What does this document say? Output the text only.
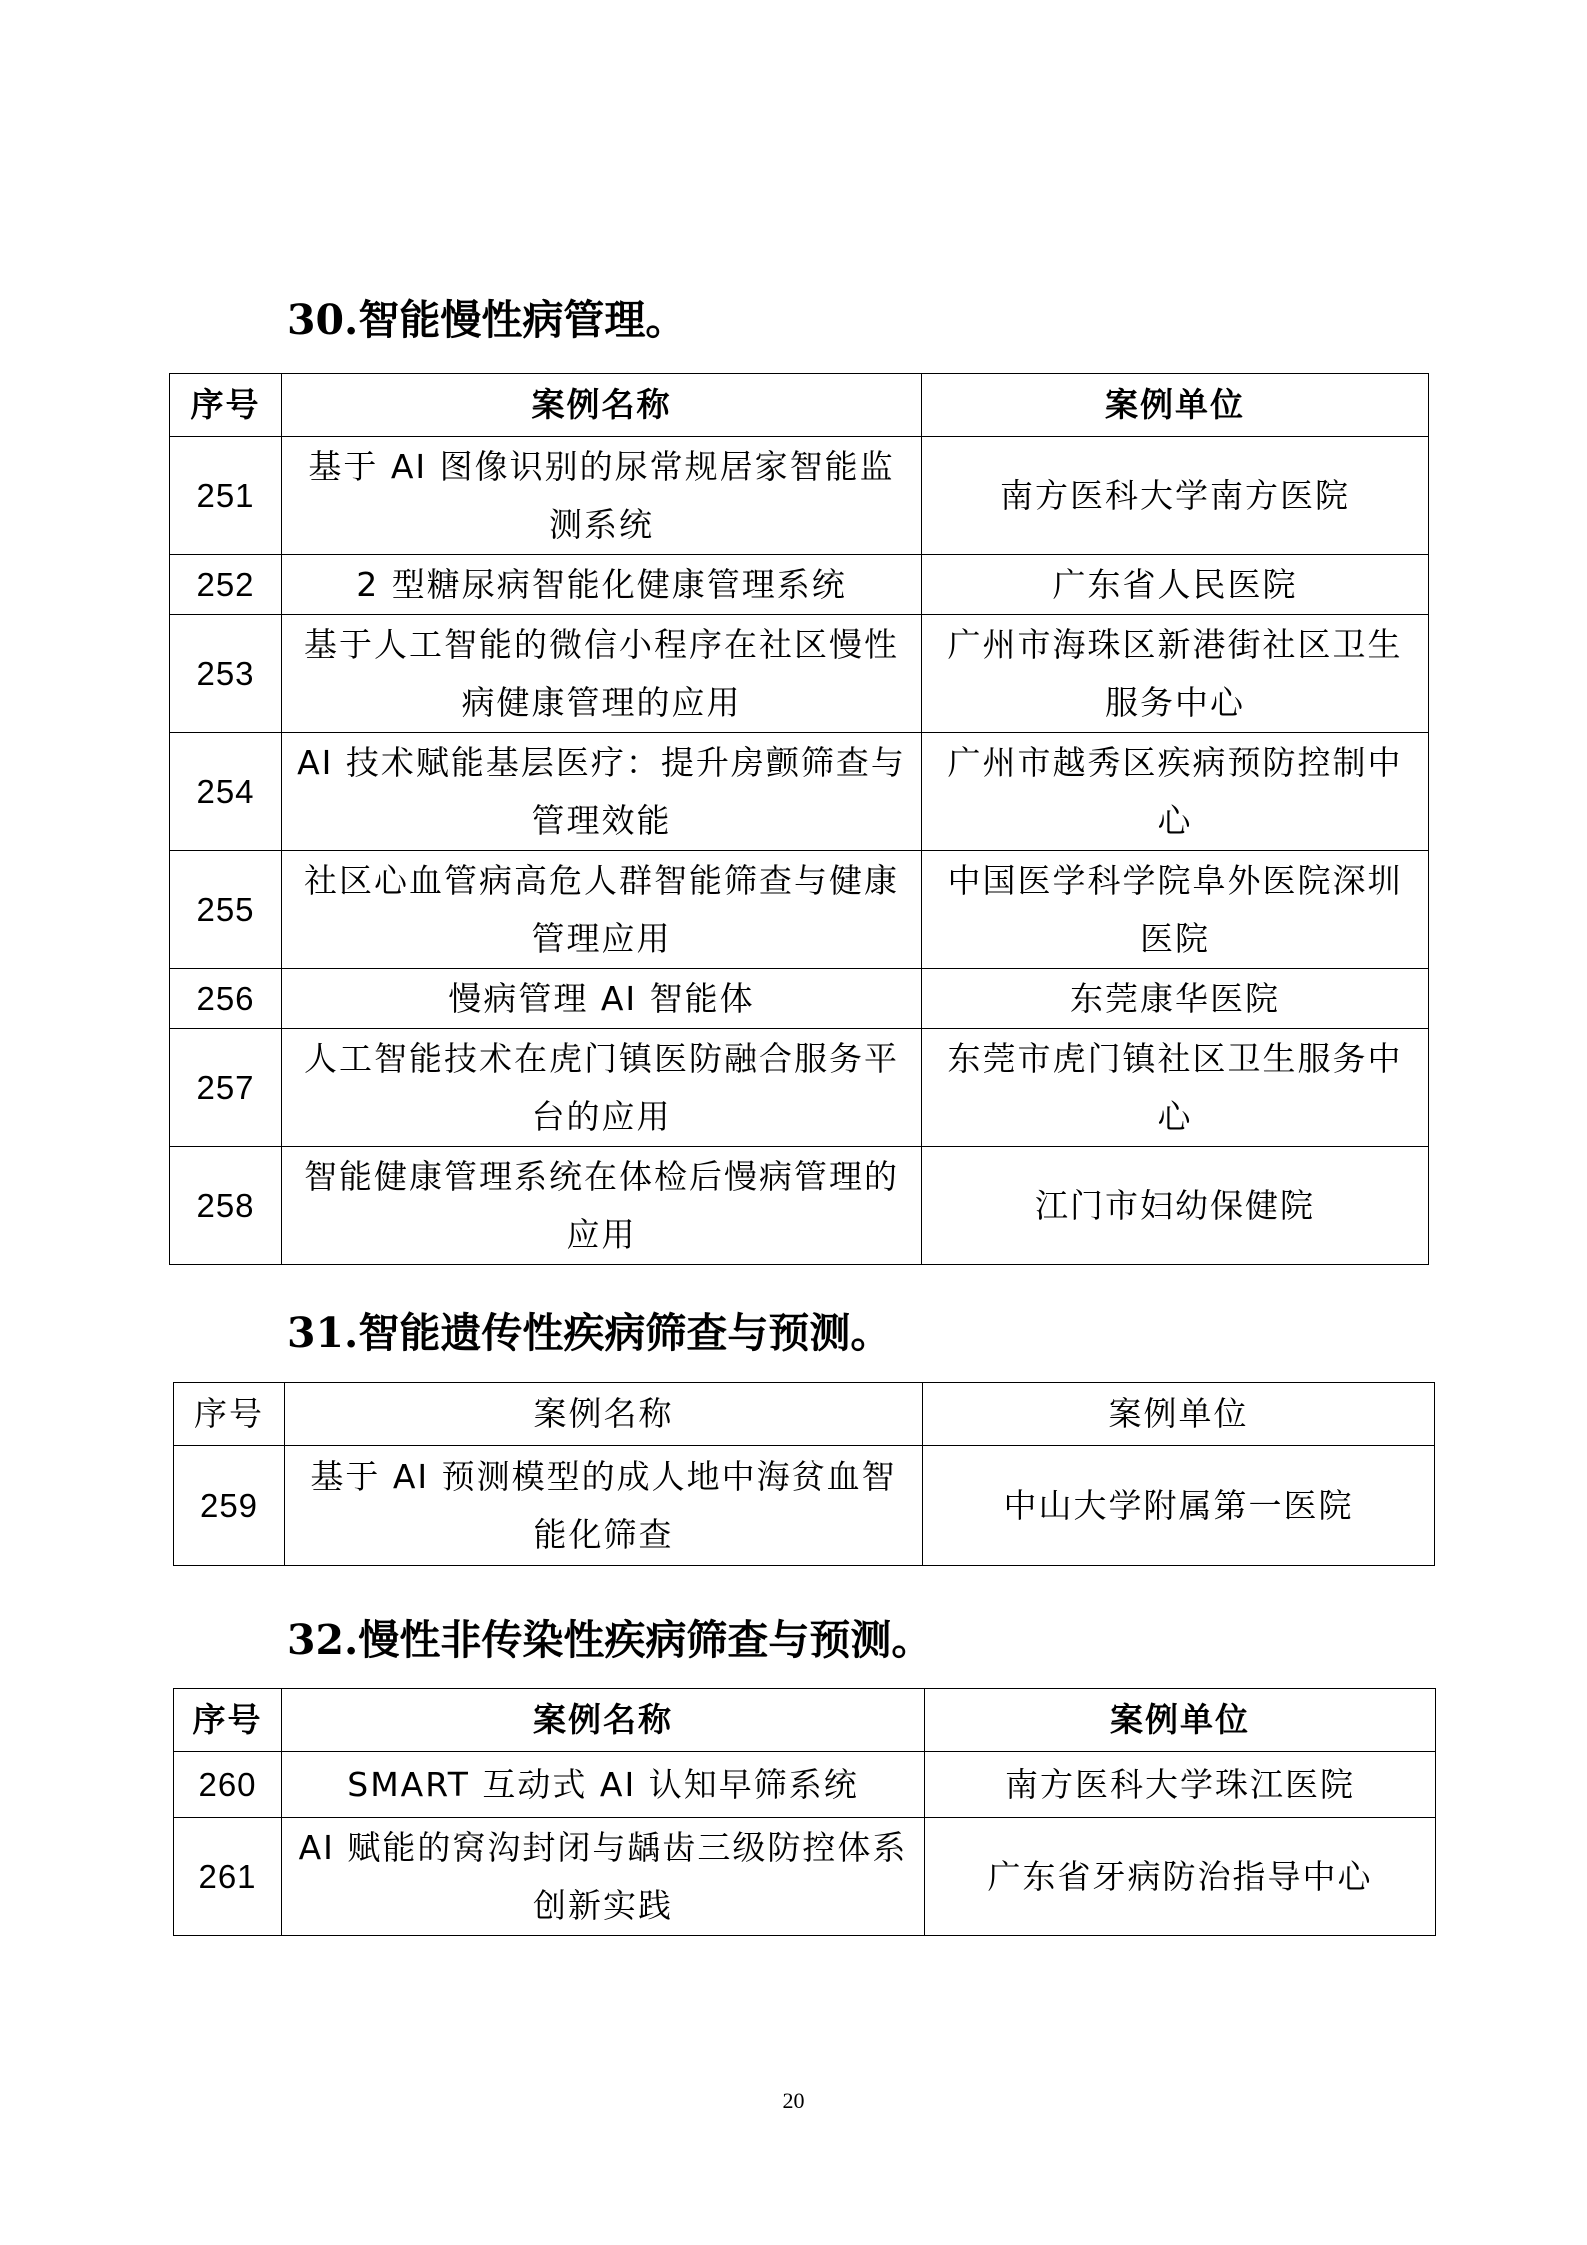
30.智能慢性病管理。
序号	案例名称	案例单位
251	基于 AI 图像识别的尿常规居家智能监测系统	南方医科大学南方医院
252	2 型糖尿病智能化健康管理系统	广东省人民医院
253	基于人工智能的微信小程序在社区慢性病健康管理的应用	广州市海珠区新港街社区卫生服务中心
254	AI 技术赋能基层医疗：提升房颤筛查与管理效能	广州市越秀区疾病预防控制中心
255	社区心血管病高危人群智能筛查与健康管理应用	中国医学科学院阜外医院深圳医院
256	慢病管理 AI 智能体	东莞康华医院
257	人工智能技术在虎门镇医防融合服务平台的应用	东莞市虎门镇社区卫生服务中心
258	智能健康管理系统在体检后慢病管理的应用	江门市妇幼保健院
31.智能遗传性疾病筛查与预测。
序号	案例名称	案例单位
259	基于 AI 预测模型的成人地中海贫血智能化筛查	中山大学附属第一医院
32.慢性非传染性疾病筛查与预测。
序号	案例名称	案例单位
260	SMART 互动式 AI 认知早筛系统	南方医科大学珠江医院
261	AI 赋能的窝沟封闭与龋齿三级防控体系创新实践	广东省牙病防治指导中心
20
